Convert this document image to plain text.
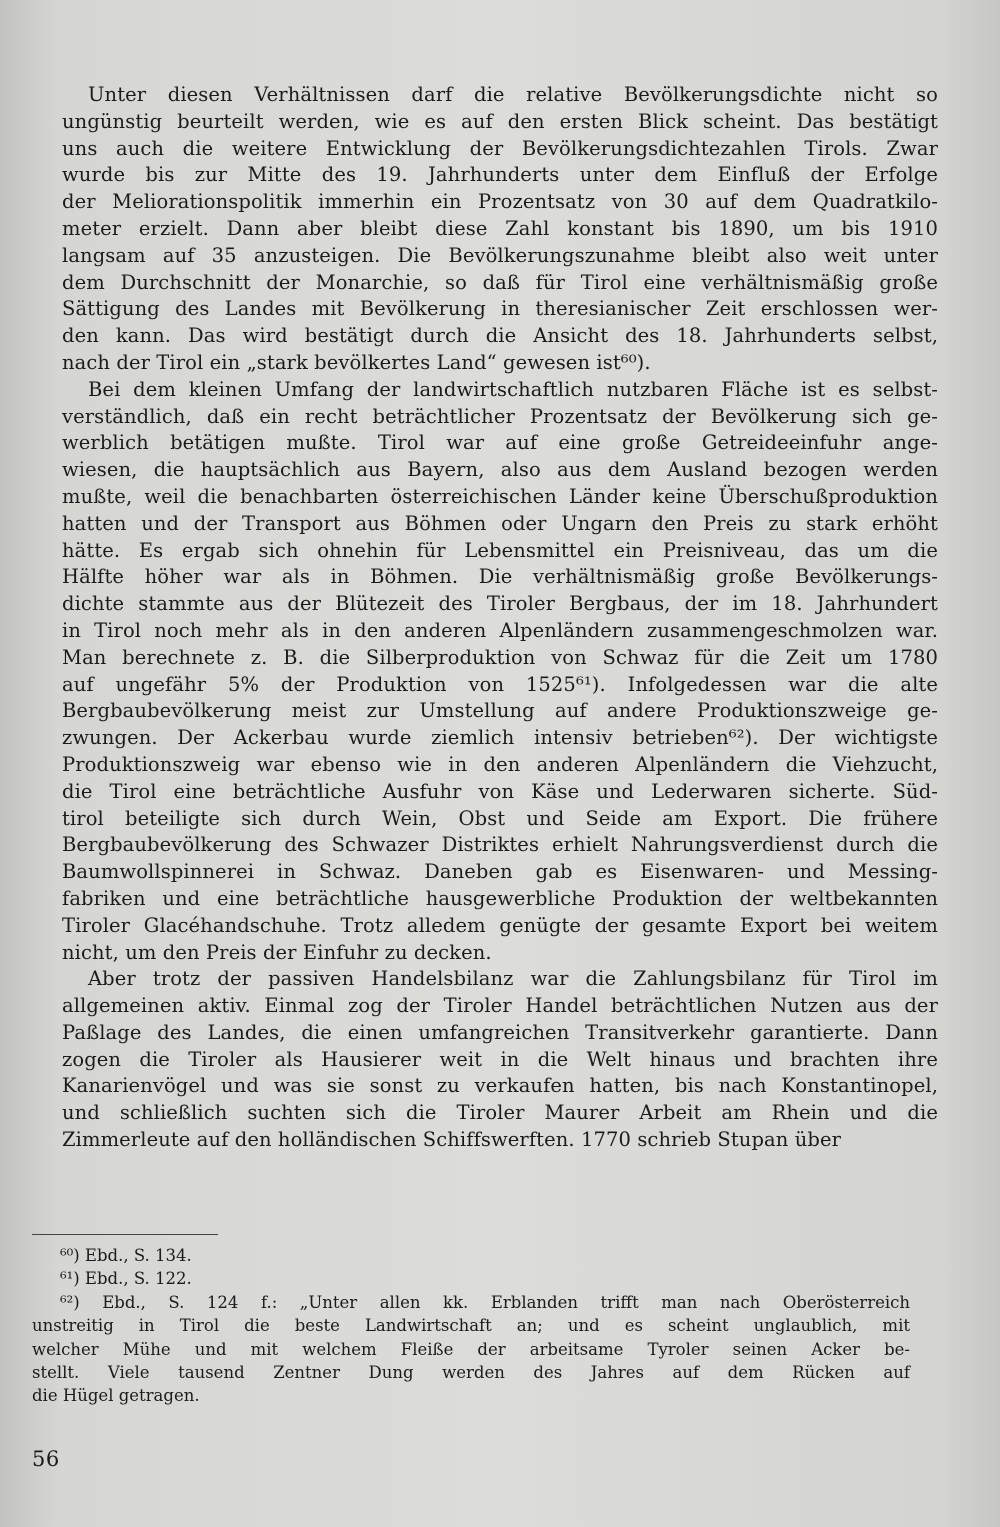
Unter diesen Verhältnissen darf die relative Bevölkerungsdichte nicht so
ungünstig beurteilt werden, wie es auf den ersten Blick scheint. Das bestätigt
uns auch die weitere Entwicklung der Bevölkerungsdichtezahlen Tirols. Zwar
wurde bis zur Mitte des 19. Jahrhunderts unter dem Einfluß der Erfolge
der Meliorationspolitik immerhin ein Prozentsatz von 30 auf dem Quadratkilo-
meter erzielt. Dann aber bleibt diese Zahl konstant bis 1890, um bis 1910
langsam auf 35 anzusteigen. Die Bevölkerungszunahme bleibt also weit unter
dem Durchschnitt der Monarchie, so daß für Tirol eine verhältnismäßig große
Sättigung des Landes mit Bevölkerung in theresianischer Zeit erschlossen wer-
den kann. Das wird bestätigt durch die Ansicht des 18. Jahrhunderts selbst,
nach der Tirol ein „stark bevölkertes Land“ gewesen ist⁶⁰).

Bei dem kleinen Umfang der landwirtschaftlich nutzbaren Fläche ist es selbst-
verständlich, daß ein recht beträchtlicher Prozentsatz der Bevölkerung sich ge-
werblich betätigen mußte. Tirol war auf eine große Getreideeinfuhr ange-
wiesen, die hauptsächlich aus Bayern, also aus dem Ausland bezogen werden
mußte, weil die benachbarten österreichischen Länder keine Überschußproduktion
hatten und der Transport aus Böhmen oder Ungarn den Preis zu stark erhöht
hätte. Es ergab sich ohnehin für Lebensmittel ein Preisniveau, das um die
Hälfte höher war als in Böhmen. Die verhältnismäßig große Bevölkerungs-
dichte stammte aus der Blütezeit des Tiroler Bergbaus, der im 18. Jahrhundert
in Tirol noch mehr als in den anderen Alpenländern zusammengeschmolzen war.
Man berechnete z. B. die Silberproduktion von Schwaz für die Zeit um 1780
auf ungefähr 5% der Produktion von 1525⁶¹). Infolgedessen war die alte
Bergbaubevölkerung meist zur Umstellung auf andere Produktionszweige ge-
zwungen. Der Ackerbau wurde ziemlich intensiv betrieben⁶²). Der wichtigste
Produktionszweig war ebenso wie in den anderen Alpenländern die Viehzucht,
die Tirol eine beträchtliche Ausfuhr von Käse und Lederwaren sicherte. Süd-
tirol beteiligte sich durch Wein, Obst und Seide am Export. Die frühere
Bergbaubevölkerung des Schwazer Distriktes erhielt Nahrungsverdienst durch die
Baumwollspinnerei in Schwaz. Daneben gab es Eisenwaren- und Messing-
fabriken und eine beträchtliche hausgewerbliche Produktion der weltbekannten
Tiroler Glacéhandschuhe. Trotz alledem genügte der gesamte Export bei weitem
nicht, um den Preis der Einfuhr zu decken.

Aber trotz der passiven Handelsbilanz war die Zahlungsbilanz für Tirol im
allgemeinen aktiv. Einmal zog der Tiroler Handel beträchtlichen Nutzen aus der
Paßlage des Landes, die einen umfangreichen Transitverkehr garantierte. Dann
zogen die Tiroler als Hausierer weit in die Welt hinaus und brachten ihre
Kanarienvögel und was sie sonst zu verkaufen hatten, bis nach Konstantinopel,
und schließlich suchten sich die Tiroler Maurer Arbeit am Rhein und die
Zimmerleute auf den holländischen Schiffswerften. 1770 schrieb Stupan über

⁶⁰) Ebd., S. 134.

⁶¹) Ebd., S. 122.

⁶²) Ebd., S. 124 f.: „Unter allen kk. Erblanden trifft man nach Oberösterreich
unstreitig in Tirol die beste Landwirtschaft an; und es scheint unglaublich, mit
welcher Mühe und mit welchem Fleiße der arbeitsame Tyroler seinen Acker be-
stellt. Viele tausend Zentner Dung werden des Jahres auf dem Rücken auf
die Hügel getragen.

56
